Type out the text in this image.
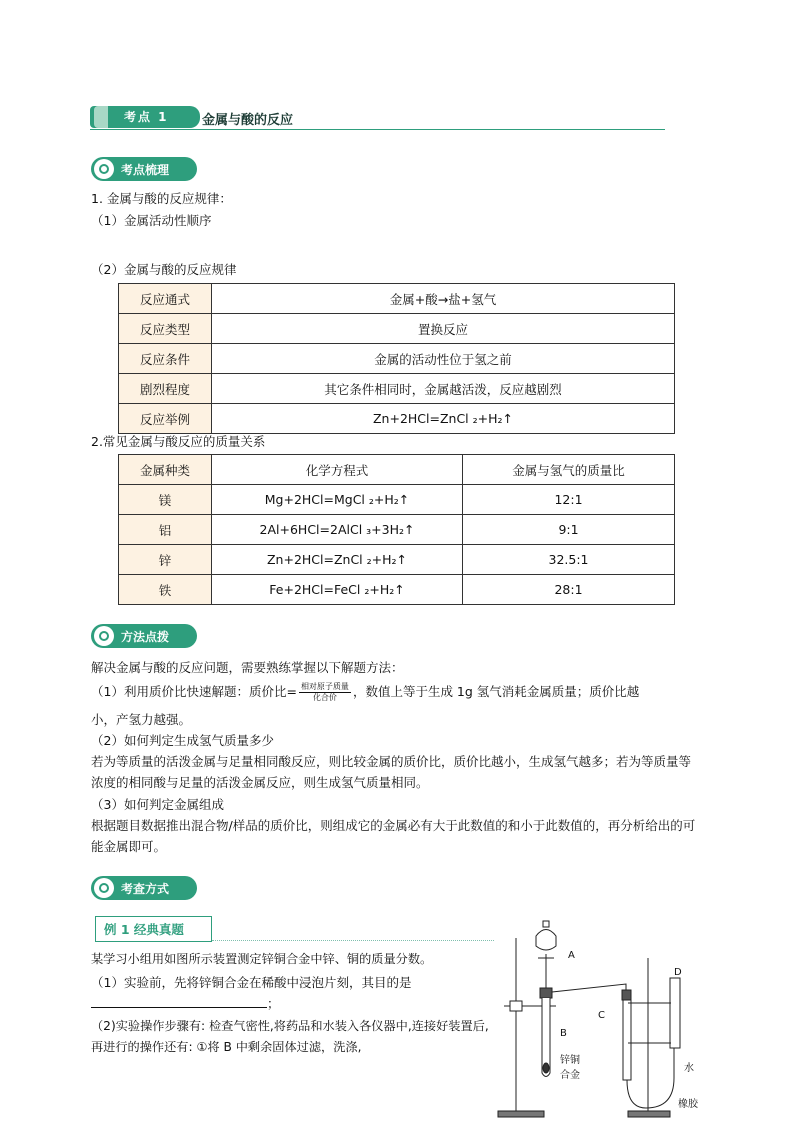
考点 1	金属与酸的反应
考点梳理
1. 金属与酸的反应规律：
（1）金属活动性顺序
（2）金属与酸的反应规律
反应通式	金属+酸→盐+氢气
反应类型	置换反应
反应条件	金属的活动性位于氢之前
剧烈程度	其它条件相同时，金属越活泼，反应越剧烈
反应举例	Zn+2HCl=ZnCl ₂+H₂↑
2.常见金属与酸反应的质量关系
金属种类	化学方程式	金属与氢气的质量比
镁	Mg+2HCl=MgCl ₂+H₂↑	12:1
铝	2Al+6HCl=2AlCl ₃+3H₂↑	9:1
锌	Zn+2HCl=ZnCl ₂+H₂↑	32.5:1
铁	Fe+2HCl=FeCl ₂+H₂↑	28:1
方法点拨
解决金属与酸的反应问题，需要熟练掌握以下解题方法：
（1）利用质价比快速解题：质价比= $\frac{\text{相对原子质量}}{\text{化合价}}$ ，数值上等于生成 1g 氢气消耗金属质量；质价比越
小，产氢力越强。
（2）如何判定生成氢气质量多少
若为等质量的活泼金属与足量相同酸反应，则比较金属的质价比，质价比越小，生成氢气越多；若为等质量等浓度的相同酸与足量的活泼金属反应，则生成氢气质量相同。
（3）如何判定金属组成
根据题目数据推出混合物/样品的质价比，则组成它的金属必有大于此数值的和小于此数值的，再分析给出的可能金属即可。
考查方式
例 1 经典真题
某学习小组用如图所示装置测定锌铜合金中锌、铜的质量分数。
（1）实验前，先将锌铜合金在稀酸中浸泡片刻，其目的是
；
（2)实验操作步骤有: 检查气密性,将药品和水装入各仪器中,连接好装置后,再进行的操作还有: ①将 B 中剩余固体过滤，洗涤,
A
B
C
D
锌铜
合金
水
橡胶
